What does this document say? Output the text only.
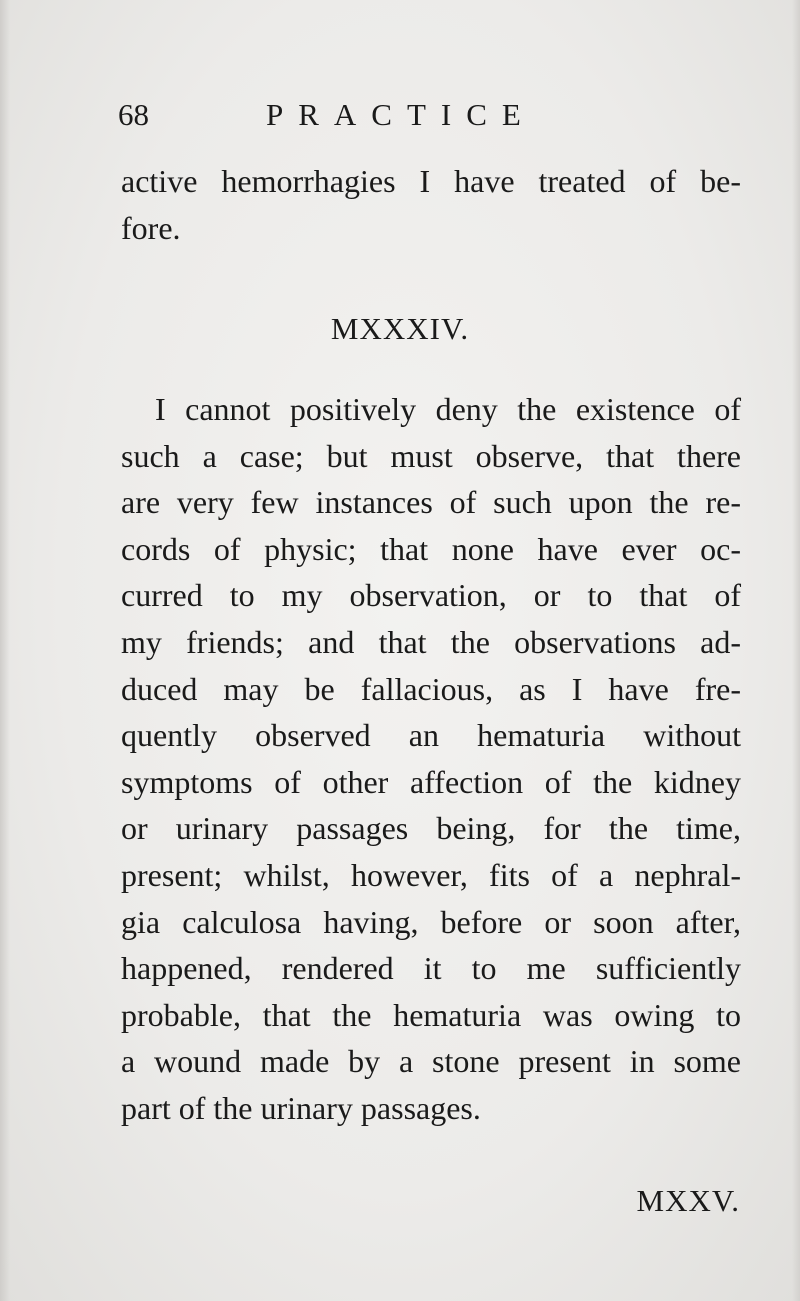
68	PRACTICE
active hemorrhagies I have treated of be-
fore.
MXXXIV.
I cannot positively deny the existence of
such a case; but must observe, that there
are very few instances of such upon the re-
cords of physic; that none have ever oc-
curred to my observation, or to that of
my friends; and that the observations ad-
duced may be fallacious, as I have fre-
quently observed an hematuria without
symptoms of other affection of the kidney
or urinary passages being, for the time,
present; whilst, however, fits of a nephral-
gia calculosa having, before or soon after,
happened, rendered it to me sufficiently
probable, that the hematuria was owing to
a wound made by a stone present in some
part of the urinary passages.
MXXV.
